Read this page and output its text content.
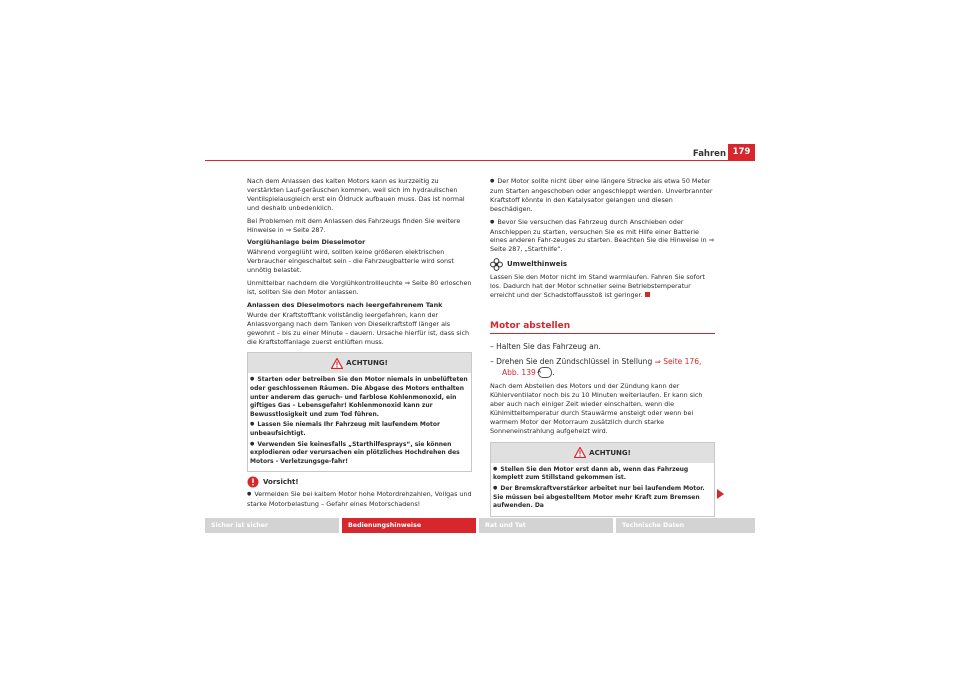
Fahren 179

Nach dem Anlassen des kalten Motors kann es kurzzeitig zu verstärkten Lauf-geräuschen kommen, weil sich im hydraulischen Ventilspielausgleich erst ein Öldruck aufbauen muss. Das ist normal und deshalb unbedenklich.

Bei Problemen mit dem Anlassen des Fahrzeugs finden Sie weitere Hinweise in ⇒ Seite 287.

Vorglühanlage beim Dieselmotor

Während vorgeglüht wird, sollten keine größeren elektrischen Verbraucher eingeschaltet sein - die Fahrzeugbatterie wird sonst unnötig belastet.

Unmittelbar nachdem die Vorglühkontrollleuchte ⇒ Seite 80 erloschen ist, sollten Sie den Motor anlassen.

Anlassen des Dieselmotors nach leergefahrenem Tank

Wurde der Kraftstofftank vollständig leergefahren, kann der Anlassvorgang nach dem Tanken von Dieselkraftstoff länger als gewohnt – bis zu einer Minute – dauern. Ursache hierfür ist, dass sich die Kraftstoffanlage zuerst entlüften muss.

ACHTUNG!

● Starten oder betreiben Sie den Motor niemals in unbelüfteten oder geschlossenen Räumen. Die Abgase des Motors enthalten unter anderem das geruch- und farblose Kohlenmonoxid, ein giftiges Gas – Lebensgefahr! Kohlenmonoxid kann zur Bewusstlosigkeit und zum Tod führen.

● Lassen Sie niemals Ihr Fahrzeug mit laufendem Motor unbeaufsichtigt.

● Verwenden Sie keinesfalls „Starthilfesprays“, sie können explodieren oder verursachen ein plötzliches Hochdrehen des Motors - Verletzungsge-fahr!

Vorsicht!

● Vermeiden Sie bei kaltem Motor hohe Motordrehzahlen, Vollgas und starke Motorbelastung – Gefahr eines Motorschadens!

● Der Motor sollte nicht über eine längere Strecke als etwa 50 Meter zum Starten angeschoben oder angeschleppt werden. Unverbrannter Kraftstoff könnte in den Katalysator gelangen und diesen beschädigen.

● Bevor Sie versuchen das Fahrzeug durch Anschieben oder Anschleppen zu starten, versuchen Sie es mit Hilfe einer Batterie eines anderen Fahr-zeuges zu starten. Beachten Sie die Hinweise in ⇒ Seite 287, „Starthilfe“.

Umwelthinweis

Lassen Sie den Motor nicht im Stand warmlaufen. Fahren Sie sofort los. Dadurch hat der Motor schneller seine Betriebstemperatur erreicht und der Schadstoffausstoß ist geringer.

Motor abstellen

– Halten Sie das Fahrzeug an.

– Drehen Sie den Zündschlüssel in Stellung ⇒ Seite 176, Abb. 139 A .

Nach dem Abstellen des Motors und der Zündung kann der Kühlerventilator noch bis zu 10 Minuten weiterlaufen. Er kann sich aber auch nach einiger Zeit wieder einschalten, wenn die Kühlmitteltemperatur durch Stauwärme ansteigt oder wenn bei warmem Motor der Motorraum zusätzlich durch starke Sonneneinstrahlung aufgeheizt wird.

ACHTUNG!

● Stellen Sie den Motor erst dann ab, wenn das Fahrzeug komplett zum Stillstand gekommen ist.

● Der Bremskraftverstärker arbeitet nur bei laufendem Motor. Sie müssen bei abgestelltem Motor mehr Kraft zum Bremsen aufwenden. Da

Sicher ist sicher	Bedienungshinweise	Rat und Tat	Technische Daten
